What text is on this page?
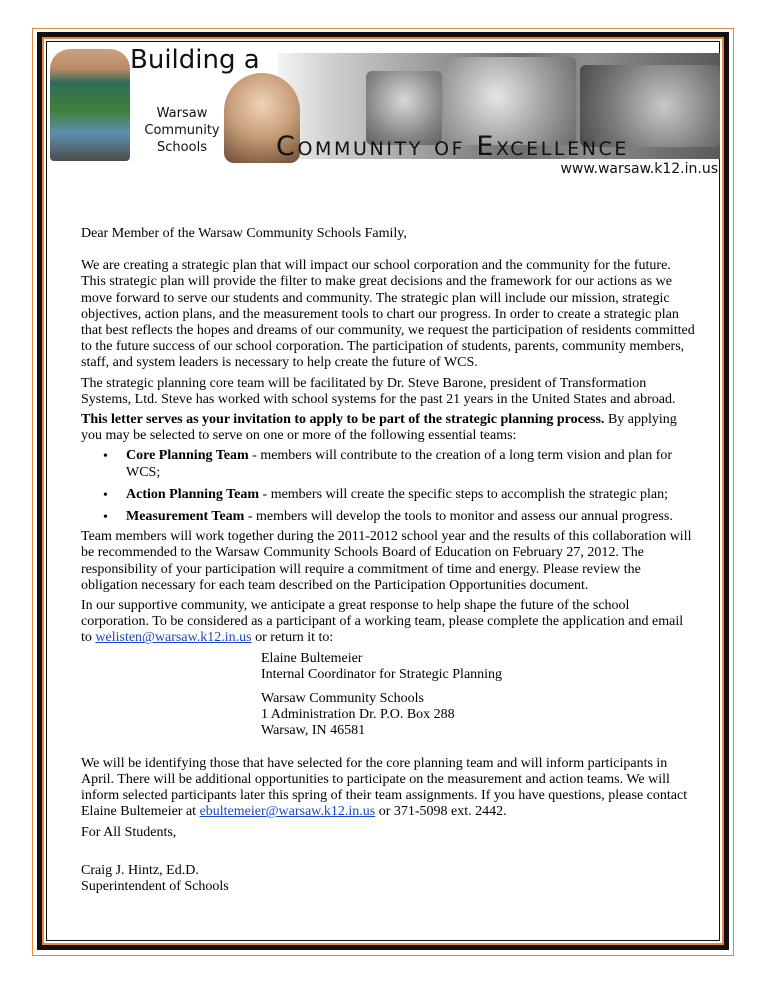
Building a
Warsaw
Community
Schools	Community of Excellence
www.warsaw.k12.in.us

Dear Member of the Warsaw Community Schools Family,

We are creating a strategic plan that will impact our school corporation and the community for the future. This strategic plan will provide the filter to make great decisions and the framework for our actions as we move forward to serve our students and community. The strategic plan will include our mission, strategic objectives, action plans, and the measurement tools to chart our progress. In order to create a strategic plan that best reflects the hopes and dreams of our community, we request the participation of residents committed to the future success of our school corporation. The participation of students, parents, community members, staff, and system leaders is necessary to help create the future of WCS.

The strategic planning core team will be facilitated by Dr. Steve Barone, president of Transformation Systems, Ltd. Steve has worked with school systems for the past 21 years in the United States and abroad.

This letter serves as your invitation to apply to be part of the strategic planning process. By applying you may be selected to serve on one or more of the following essential teams:

• Core Planning Team - members will contribute to the creation of a long term vision and plan for WCS;
• Action Planning Team - members will create the specific steps to accomplish the strategic plan;
• Measurement Team - members will develop the tools to monitor and assess our annual progress.

Team members will work together during the 2011-2012 school year and the results of this collaboration will be recommended to the Warsaw Community Schools Board of Education on February 27, 2012. The responsibility of your participation will require a commitment of time and energy. Please review the obligation necessary for each team described on the Participation Opportunities document.

In our supportive community, we anticipate a great response to help shape the future of the school corporation. To be considered as a participant of a working team, please complete the application and email to welisten@warsaw.k12.in.us or return it to:

Elaine Bultemeier
Internal Coordinator for Strategic Planning
Warsaw Community Schools
1 Administration Dr. P.O. Box 288
Warsaw, IN 46581

We will be identifying those that have selected for the core planning team and will inform participants in April. There will be additional opportunities to participate on the measurement and action teams. We will inform selected participants later this spring of their team assignments. If you have questions, please contact Elaine Bultemeier at ebultemeier@warsaw.k12.in.us or 371-5098 ext. 2442.

For All Students,

Craig J. Hintz, Ed.D.

Superintendent of Schools
